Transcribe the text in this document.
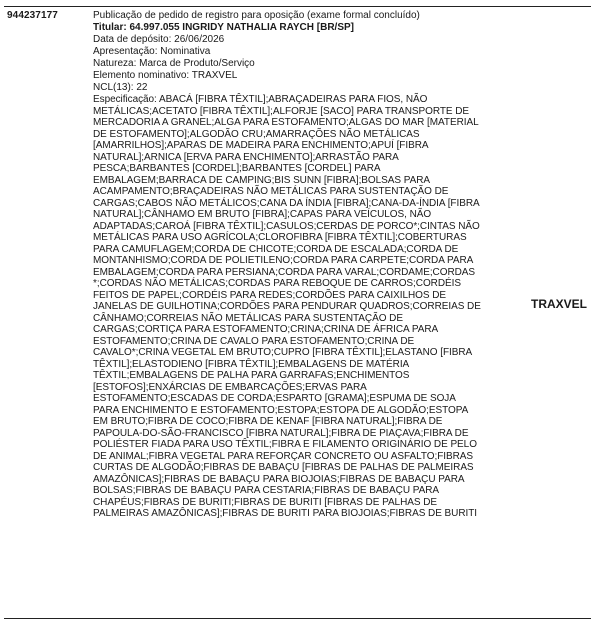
944237177	Publicação de pedido de registro para oposição (exame formal concluído)
Titular: 64.997.055 INGRIDY NATHALIA RAYCH [BR/SP]
Data de depósito: 26/06/2026
Apresentação: Nominativa
Natureza: Marca de Produto/Serviço
Elemento nominativo: TRAXVEL
NCL(13): 22
Especificação: ABACÁ [FIBRA TÊXTIL];ABRAÇADEIRAS PARA FIOS, NÃO METÁLICAS;ACETATO [FIBRA TÊXTIL];ALFORJE [SACO] PARA TRANSPORTE DE MERCADORIA A GRANEL;ALGA PARA ESTOFAMENTO;ALGAS DO MAR [MATERIAL DE ESTOFAMENTO];ALGODÃO CRU;AMARRAÇÕES NÃO METÁLICAS [AMARRILHOS];APARAS DE MADEIRA PARA ENCHIMENTO;APUÍ [FIBRA NATURAL];ARNICA [ERVA PARA ENCHIMENTO];ARRASTÃO PARA PESCA;BARBANTES [CORDEL];BARBANTES [CORDEL] PARA EMBALAGEM;BARRACA DE CAMPING;BIS SUNN [FIBRA];BOLSAS PARA ACAMPAMENTO;BRAÇADEIRAS NÃO METÁLICAS PARA SUSTENTAÇÃO DE CARGAS;CABOS NÃO METÁLICOS;CANA DA ÍNDIA [FIBRA];CANA-DA-ÍNDIA [FIBRA NATURAL];CÂNHAMO EM BRUTO [FIBRA];CAPAS PARA VEÍCULOS, NÃO ADAPTADAS;CAROÁ [FIBRA TÊXTIL];CASULOS;CERDAS DE PORCO*;CINTAS NÃO METÁLICAS PARA USO AGRÍCOLA;CLOROFIBRA [FIBRA TÊXTIL];COBERTURAS PARA CAMUFLAGEM;CORDA DE CHICOTE;CORDA DE ESCALADA;CORDA DE MONTANHISMO;CORDA DE POLIETILENO;CORDA PARA CARPETE;CORDA PARA EMBALAGEM;CORDA PARA PERSIANA;CORDA PARA VARAL;CORDAME;CORDAS *;CORDAS NÃO METÁLICAS;CORDAS PARA REBOQUE DE CARROS;CORDÉIS FEITOS DE PAPEL;CORDÉIS PARA REDES;CORDÕES PARA CAIXILHOS DE JANELAS DE GUILHOTINA;CORDÕES PARA PENDURAR QUADROS;CORREIAS DE CÂNHAMO;CORREIAS NÃO METÁLICAS PARA SUSTENTAÇÃO DE CARGAS;CORTIÇA PARA ESTOFAMENTO;CRINA;CRINA DE ÁFRICA PARA ESTOFAMENTO;CRINA DE CAVALO PARA ESTOFAMENTO;CRINA DE CAVALO*;CRINA VEGETAL EM BRUTO;CUPRO [FIBRA TÊXTIL];ELASTANO [FIBRA TÊXTIL];ELASTODIENO [FIBRA TÊXTIL];EMBALAGENS DE MATÉRIA TÊXTIL;EMBALAGENS DE PALHA PARA GARRAFAS;ENCHIMENTOS [ESTOFOS];ENXÁRCIAS DE EMBARCAÇÕES;ERVAS PARA ESTOFAMENTO;ESCADAS DE CORDA;ESPARTO [GRAMA];ESPUMA DE SOJA PARA ENCHIMENTO E ESTOFAMENTO;ESTOPA;ESTOPA DE ALGODÃO;ESTOPA EM BRUTO;FIBRA DE COCO;FIBRA DE KENAF [FIBRA NATURAL];FIBRA DE PAPOULA-DO-SÃO-FRANCISCO [FIBRA NATURAL];FIBRA DE PIAÇAVA;FIBRA DE POLIÉSTER FIADA PARA USO TÊXTIL;FIBRA E FILAMENTO ORIGINÁRIO DE PELO DE ANIMAL;FIBRA VEGETAL PARA REFORÇAR CONCRETO OU ASFALTO;FIBRAS CURTAS DE ALGODÃO;FIBRAS DE BABAÇU [FIBRAS DE PALHAS DE PALMEIRAS AMAZÔNICAS];FIBRAS DE BABAÇU PARA BIOJOIAS;FIBRAS DE BABAÇU PARA BOLSAS;FIBRAS DE BABAÇU PARA CESTARIA;FIBRAS DE BABAÇU PARA CHAPÉUS;FIBRAS DE BURITI;FIBRAS DE BURITI [FIBRAS DE PALHAS DE PALMEIRAS AMAZÔNICAS];FIBRAS DE BURITI PARA BIOJOIAS;FIBRAS DE BURITI
TRAXVEL
